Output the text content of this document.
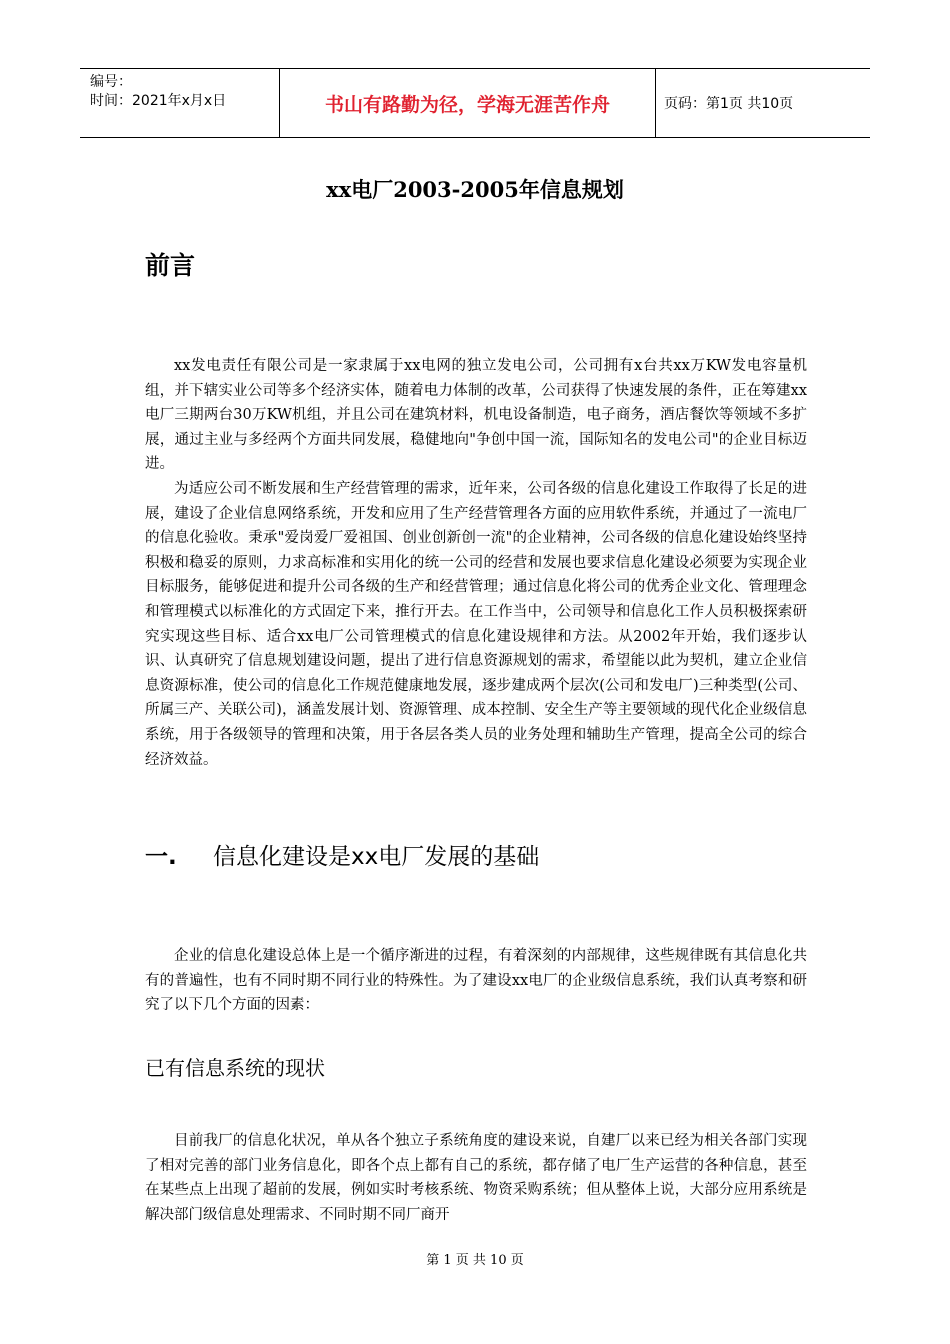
编号：
时间：2021年x月x日	书山有路勤为径，学海无涯苦作舟	页码：第1页 共10页
xx电厂2003-2005年信息规划
前言

xx发电责任有限公司是一家隶属于xx电网的独立发电公司，公司拥有x台共xx万KW发电容量机组，并下辖实业公司等多个经济实体，随着电力体制的改革，公司获得了快速发展的条件，正在筹建xx电厂三期两台30万KW机组，并且公司在建筑材料，机电设备制造，电子商务，酒店餐饮等领域不多扩展，通过主业与多经两个方面共同发展，稳健地向"争创中国一流，国际知名的发电公司"的企业目标迈进。

为适应公司不断发展和生产经营管理的需求，近年来，公司各级的信息化建设工作取得了长足的进展，建设了企业信息网络系统，开发和应用了生产经营管理各方面的应用软件系统，并通过了一流电厂的信息化验收。秉承"爱岗爱厂爱祖国、创业创新创一流"的企业精神，公司各级的信息化建设始终坚持积极和稳妥的原则，力求高标准和实用化的统一公司的经营和发展也要求信息化建设必须要为实现企业目标服务，能够促进和提升公司各级的生产和经营管理；通过信息化将公司的优秀企业文化、管理理念和管理模式以标准化的方式固定下来，推行开去。在工作当中，公司领导和信息化工作人员积极探索研究实现这些目标、适合xx电厂公司管理模式的信息化建设规律和方法。从2002年开始，我们逐步认识、认真研究了信息规划建设问题，提出了进行信息资源规划的需求，希望能以此为契机，建立企业信息资源标准，使公司的信息化工作规范健康地发展，逐步建成两个层次(公司和发电厂)三种类型(公司、所属三产、关联公司)，涵盖发展计划、资源管理、成本控制、安全生产等主要领域的现代化企业级信息系统，用于各级领导的管理和决策，用于各层各类人员的业务处理和辅助生产管理，提高全公司的综合经济效益。

一.	信息化建设是xx电厂发展的基础

企业的信息化建设总体上是一个循序渐进的过程，有着深刻的内部规律，这些规律既有其信息化共有的普遍性，也有不同时期不同行业的特殊性。为了建设xx电厂的企业级信息系统，我们认真考察和研究了以下几个方面的因素：

已有信息系统的现状

目前我厂的信息化状况，单从各个独立子系统角度的建设来说，自建厂以来已经为相关各部门实现了相对完善的部门业务信息化，即各个点上都有自己的系统，都存储了电厂生产运营的各种信息，甚至在某些点上出现了超前的发展，例如实时考核系统、物资采购系统；但从整体上说，大部分应用系统是解决部门级信息处理需求、不同时期不同厂商开

第 1 页 共 10 页
